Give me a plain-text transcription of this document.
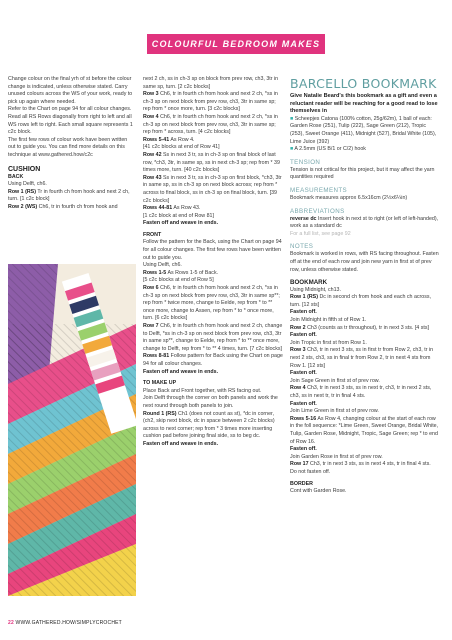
COLOURFUL BEDROOM MAKES

Change colour on the final yrh of st before the colour change is indicated, unless otherwise stated. Carry unused colours across the WS of your work, ready to pick up again where needed.

Refer to the Chart on page 94 for all colour changes. Read all RS Rows diagonally from right to left and all WS rows left to right. Each small square represents 1 c2c block.

The first few rows of colour work have been written out to guide you. You can find more details on this technique at www.gathered.how/c2c

CUSHION

BACK

Using Delft, ch6.

Row 1 (RS) Tr in fourth ch from hook and next 2 ch, turn. [1 c2c block]

Row 2 (WS) Ch6, tr in fourth ch from hook and

next 2 ch, ss in ch-3 sp on block from prev row, ch3, 3tr in same sp, turn. [2 c2c blocks]

Row 3 Ch6, tr in fourth ch from hook and next 2 ch, *ss in ch-3 sp on next block from prev row, ch3, 3tr in same sp; rep from * once more, turn. [3 c2c blocks]

Row 4 Ch6, tr in fourth ch from hook and next 2 ch, *ss in ch-3 sp on next block from prev row, ch3, 3tr in same sp; rep from * across, turn. [4 c2c blocks]

Rows 5-41 As Row 4.

[41 c2c blocks at end of Row 41]

Row 42 Ss in next 3 tr, ss in ch-3 sp on final block of last row, *ch3, 3tr, in same sp, ss in next ch-3 sp; rep from * 39 times more, turn. [40 c2c blocks]

Row 43 Ss in next 3 tr, ss in ch-3 sp on first block, *ch3, 3tr in same sp, ss in ch-3 sp on next block across; rep from * across to final block, ss in ch-3 sp on final block, turn. [39 c2c blocks]

Rows 44-81 As Row 43.

[1 c2c block at end of Row 81]

Fasten off and weave in ends.

FRONT

Follow the pattern for the Back, using the Chart on page 94 for all colour changes. The first few rows have been written out to guide you.

Using Delft, ch6.

Rows 1-5 As Rows 1-5 of Back.

[5 c2c blocks at end of Row 5]

Row 6 Ch6, tr in fourth ch from hook and next 2 ch, *ss in ch-3 sp on next block from prev row, ch3, 3tr in same sp**; rep from * twice more, change to Eelde, rep from * to ** once more, change to Assen, rep from * to * once more, turn. [6 c2c blocks]

Row 7 Ch6, tr in fourth ch from hook and next 2 ch, change to Delft, *ss in ch-3 sp on next block from prev row, ch3, 3tr in same sp**, change to Eelde, rep from * to ** once more, change to Delft, rep from * to ** 4 times, turn. [7 c2c blocks]

Rows 8-81 Follow pattern for Back using the Chart on page 94 for all colour changes.

Fasten off and weave in ends.

TO MAKE UP

Place Back and Front together, with RS facing out.

Join Delft through the corner on both panels and work the next round through both panels to join.

Round 1 (RS) Ch1 (does not count as st), *dc in corner, (ch2, skip next block, dc in space between 2 c2c blocks) across to next corner; rep from * 3 times more inserting cushion pad before joining final side, ss to beg dc.

Fasten off and weave in ends.

BARCELLO BOOKMARK

Give Natalie Beard's this bookmark as a gift and even a reluctant reader will be reaching for a good read to lose themselves in

■ Scheepjes Catona (100% cotton, 25g/62m), 1 ball of each: Garden Rose (251), Tulip (222), Sage Green (212), Tropic (253), Sweet Orange (411), Midnight (527), Bridal White (105), Lime Juice (392)

■ A 2.5mm (US B/1 or C/2) hook

TENSION

Tension is not critical for this project, but it may affect the yarn quantities required

MEASUREMENTS

Bookmark measures approx 6.5x16cm (2½x6¼in)

ABBREVIATIONS

reverse dc Insert hook in next st to right (or left of left-handed), work as a standard dc

For a full list, see page 92

NOTES

Bookmark is worked in rows, with RS facing throughout. Fasten off at the end of each row and join new yarn in first st of prev row, unless otherwise stated.

BOOKMARK

Using Midnight, ch13.

Row 1 (RS) Dc in second ch from hook and each ch across, turn. [12 sts]

Fasten off.

Join Midnight in fifth st of Row 1.

Row 2 Ch3 (counts as tr throughout), tr in next 3 sts. [4 sts]

Fasten off.

Join Tropic in first st from Row 1.

Row 3 Ch3, tr in next 3 sts, ss in first tr from Row 2, ch3, tr in next 2 sts, ch3, ss in final tr from Row 2, tr in next 4 sts from Row 1. [12 sts]

Fasten off.

Join Sage Green in first st of prev row.

Row 4 Ch3, tr in next 3 sts, ss in next tr, ch3, tr in next 2 sts, ch3, ss in next tr, tr in final 4 sts.

Fasten off.

Join Lime Green in first st of prev row.

Rows 5-16 As Row 4, changing colour at the start of each row in the foll sequence: *Lime Green, Sweet Orange, Bridal White, Tulip, Garden Rose, Midnight, Tropic, Sage Green; rep * to end of Row 16.

Fasten off.

Join Garden Rose in first st of prev row.

Row 17 Ch3, tr in next 3 sts, ss in next 4 sts, tr in final 4 sts.

Do not fasten off.

BORDER

Cont with Garden Rose.

22 WWW.GATHERED.HOW/SIMPLYCROCHET
